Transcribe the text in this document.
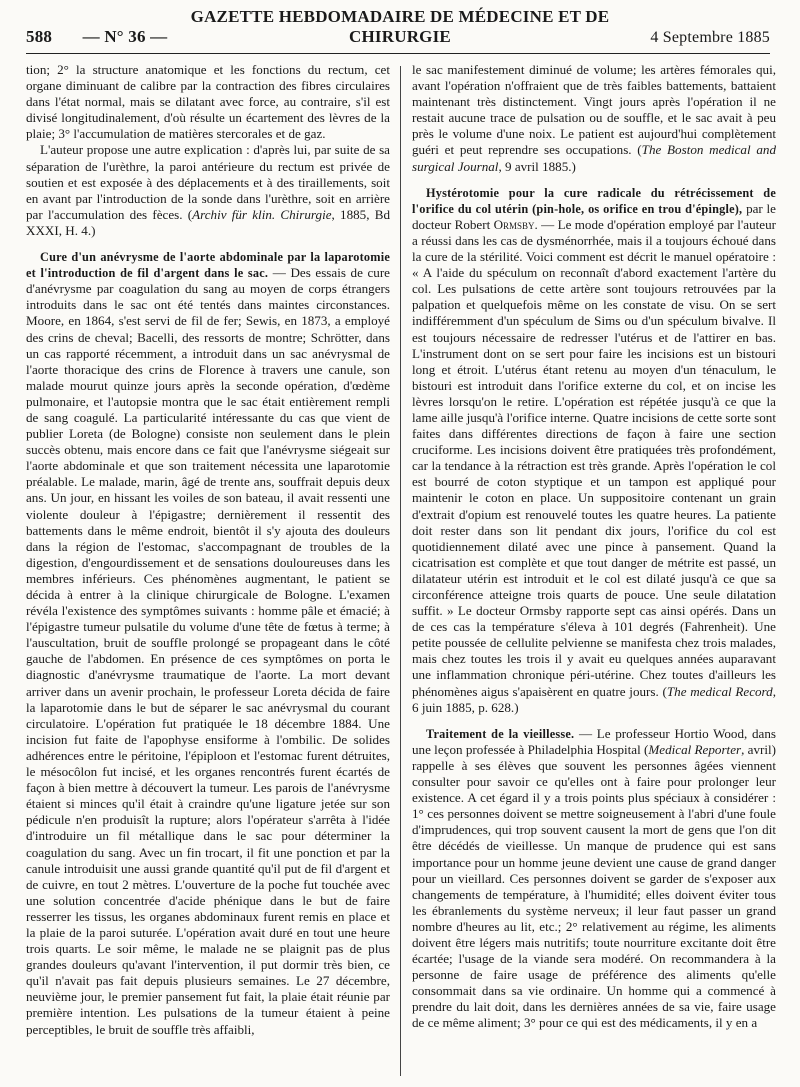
588	— N° 36 —
GAZETTE HEBDOMADAIRE DE MÉDECINE ET DE CHIRURGIE	4 Septembre 1885

tion; 2° la structure anatomique et les fonctions du rectum, cet organe diminuant de calibre par la contraction des fibres circulaires dans l'état normal, mais se dilatant avec force, au contraire, s'il est divisé longitudinalement, d'où résulte un écartement des lèvres de la plaie; 3° l'accumulation de matières stercorales et de gaz.

L'auteur propose une autre explication : d'après lui, par suite de sa séparation de l'urèthre, la paroi antérieure du rectum est privée de soutien et est exposée à des déplacements et à des tiraillements, soit en avant par l'introduction de la sonde dans l'urèthre, soit en arrière par l'accumulation des fèces. (Archiv für klin. Chirurgie, 1885, Bd XXXI, H. 4.)

Cure d'un anévrysme de l'aorte abdominale par la laparotomie et l'introduction de fil d'argent dans le sac. — Des essais de cure d'anévrysme par coagulation du sang au moyen de corps étrangers introduits dans le sac ont été tentés dans maintes circonstances. Moore, en 1864, s'est servi de fil de fer; Sewis, en 1873, a employé des crins de cheval; Bacelli, des ressorts de montre; Schrötter, dans un cas rapporté récemment, a introduit dans un sac anévrysmal de l'aorte thoracique des crins de Florence à travers une canule, son malade mourut quinze jours après la seconde opération, d'œdème pulmonaire, et l'autopsie montra que le sac était entièrement rempli de sang coagulé. La particularité intéressante du cas que vient de publier Loreta (de Bologne) consiste non seulement dans le plein succès obtenu, mais encore dans ce fait que l'anévrysme siégeait sur l'aorte abdominale et que son traitement nécessita une laparotomie préalable. Le malade, marin, âgé de trente ans, souffrait depuis deux ans. Un jour, en hissant les voiles de son bateau, il avait ressenti une violente douleur à l'épigastre; dernièrement il ressentit des battements dans le même endroit, bientôt il s'y ajouta des douleurs dans la région de l'estomac, s'accompagnant de troubles de la digestion, d'engourdissement et de sensations douloureuses dans les membres inférieurs. Ces phénomènes augmentant, le patient se décida à entrer à la clinique chirurgicale de Bologne. L'examen révéla l'existence des symptômes suivants : homme pâle et émacié; à l'épigastre tumeur pulsatile du volume d'une tête de fœtus à terme; à l'auscultation, bruit de souffle prolongé se propageant dans le côté gauche de l'abdomen. En présence de ces symptômes on porta le diagnostic d'anévrysme traumatique de l'aorte. La mort devant arriver dans un avenir prochain, le professeur Loreta décida de faire la laparotomie dans le but de séparer le sac anévrysmal du courant circulatoire. L'opération fut pratiquée le 18 décembre 1884. Une incision fut faite de l'apophyse ensiforme à l'ombilic. De solides adhérences entre le péritoine, l'épiploon et l'estomac furent détruites, le mésocôlon fut incisé, et les organes rencontrés furent écartés de façon à bien mettre à découvert la tumeur. Les parois de l'anévrysme étaient si minces qu'il était à craindre qu'une ligature jetée sur son pédicule n'en produisît la rupture; alors l'opérateur s'arrêta à l'idée d'introduire un fil métallique dans le sac pour déterminer la coagulation du sang. Avec un fin trocart, il fit une ponction et par la canule introduisit une aussi grande quantité qu'il put de fil d'argent et de cuivre, en tout 2 mètres. L'ouverture de la poche fut touchée avec une solution concentrée d'acide phénique dans le but de faire resserrer les tissus, les organes abdominaux furent remis en place et la plaie de la paroi suturée. L'opération avait duré en tout une heure trois quarts. Le soir même, le malade ne se plaignit pas de plus grandes douleurs qu'avant l'intervention, il put dormir très bien, ce qu'il n'avait pas fait depuis plusieurs semaines. Le 27 décembre, neuvième jour, le premier pansement fut fait, la plaie était réunie par première intention. Les pulsations de la tumeur étaient à peine perceptibles, le bruit de souffle très affaibli,

le sac manifestement diminué de volume; les artères fémorales qui, avant l'opération n'offraient que de très faibles battements, battaient maintenant très distinctement. Vingt jours après l'opération il ne restait aucune trace de pulsation ou de souffle, et le sac avait à peu près le volume d'une noix. Le patient est aujourd'hui complètement guéri et peut reprendre ses occupations. (The Boston medical and surgical Journal, 9 avril 1885.)

Hystérotomie pour la cure radicale du rétrécissement de l'orifice du col utérin (pin-hole, os orifice en trou d'épingle), par le docteur Robert Ormsby. — Le mode d'opération employé par l'auteur a réussi dans les cas de dysménorrhée, mais il a toujours échoué dans la cure de la stérilité. Voici comment est décrit le manuel opératoire : « A l'aide du spéculum on reconnaît d'abord exactement l'artère du col. Les pulsations de cette artère sont toujours retrouvées par la palpation et quelquefois même on les constate de visu. On se sert indifféremment d'un spéculum de Sims ou d'un spéculum bivalve. Il est toujours nécessaire de redresser l'utérus et de l'attirer en bas. L'instrument dont on se sert pour faire les incisions est un bistouri long et étroit. L'utérus étant retenu au moyen d'un ténaculum, le bistouri est introduit dans l'orifice externe du col, et on incise les lèvres lorsqu'on le retire. L'opération est répétée jusqu'à ce que la lame aille jusqu'à l'orifice interne. Quatre incisions de cette sorte sont faites dans différentes directions de façon à faire une section cruciforme. Les incisions doivent être pratiquées très profondément, car la tendance à la rétraction est très grande. Après l'opération le col est bourré de coton styptique et un tampon est appliqué pour maintenir le coton en place. Un suppositoire contenant un grain d'extrait d'opium est renouvelé toutes les quatre heures. La patiente doit rester dans son lit pendant dix jours, l'orifice du col est quotidiennement dilaté avec une pince à pansement. Quand la cicatrisation est complète et que tout danger de métrite est passé, un dilatateur utérin est introduit et le col est dilaté jusqu'à ce que sa circonférence atteigne trois quarts de pouce. Une seule dilatation suffit. » Le docteur Ormsby rapporte sept cas ainsi opérés. Dans un de ces cas la température s'éleva à 101 degrés (Fahrenheit). Une petite poussée de cellulite pelvienne se manifesta chez trois malades, mais chez toutes les trois il y avait eu quelques années auparavant une inflammation chronique péri-utérine. Chez toutes d'ailleurs les phénomènes aigus s'apaisèrent en quatre jours. (The medical Record, 6 juin 1885, p. 628.)

Traitement de la vieillesse. — Le professeur Hortio Wood, dans une leçon professée à Philadelphia Hospital (Medical Reporter, avril) rappelle à ses élèves que souvent les personnes âgées viennent consulter pour savoir ce qu'elles ont à faire pour prolonger leur existence. A cet égard il y a trois points plus spéciaux à considérer : 1° ces personnes doivent se mettre soigneusement à l'abri d'une foule d'imprudences, qui trop souvent causent la mort de gens que l'on dit être décédés de vieillesse. Un manque de prudence qui est sans importance pour un homme jeune devient une cause de grand danger pour un vieillard. Ces personnes doivent se garder de s'exposer aux changements de température, à l'humidité; elles doivent éviter tous les ébranlements du système nerveux; il leur faut passer un grand nombre d'heures au lit, etc.; 2° relativement au régime, les aliments doivent être légers mais nutritifs; toute nourriture excitante doit être écartée; l'usage de la viande sera modéré. On recommandera à la personne de faire usage de préférence des aliments qu'elle consommait dans sa vie ordinaire. Un homme qui a commencé à prendre du lait doit, dans les dernières années de sa vie, faire usage de ce même aliment; 3° pour ce qui est des médicaments, il y en a
